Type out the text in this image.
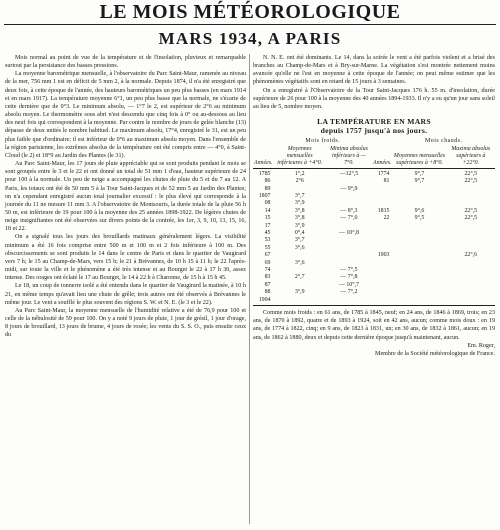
LE MOIS MÉTÉOROLOGIQUE
MARS 1934, A PARIS

Mois normal au point de vue de la température et de l'insolation, pluvieux et remarquable surtout par la persistance des basses pressions.

La moyenne barométrique mensuelle, à l'observatoire du Parc Saint-Maur, ramenée au niveau de la mer, 756 mm 1 est en déficit de 5 mm 2, à la normale. Depuis 1874, il n'a été enregistré que deux fois, à cette époque de l'année, des hauteurs barométriques un peu plus basses (en mars 1914 et en mars 1917). La température moyenne 6°1, un peu plus basse que la normale, ne s'écarte de cette dernière que de 0°3. Le minimum absolu, — 1°7 le 2, est supérieur de 2°6 au minimum absolu moyen. Le thermomètre sous abri n'est descendu que cinq fois à 0° ou au-dessous au lieu des neuf fois qui correspondent à la moyenne. Par contre le nombre de jours de gelée blanche (13) dépasse de deux unités le nombre habituel. Le maximum absolu, 17°4, enregistré le 31, est un peu plus faible que d'ordinaire; il est inférieur de 0°6 au maximum absolu moyen. Dans l'ensemble de la région parisienne, les extrêmes absolus de la température ont été compris entre — 4°0, à Saint-Cloud (le 2) et 18°9 au Jardin des Plantes (le 31).

Au Parc Saint-Maur, les 17 jours de pluie appréciable qui se sont produits pendant le mois se sont groupés entre le 3 et le 22 et ont donné un total de 51 mm 1 d'eau, hauteur supérieure de 24 pour 100 à la normale. Un peu de neige a accompagné les chutes de pluie du 5 et du 7 au 12. A Paris, les totaux ont été de 50 mm 5 à la Tour Saint-Jacques et de 52 mm 5 au Jardin des Plantes; on n'a cependant enregistré aucun total journalier excessif : le plus élevé qui corresponde à la journée du 11 ne mesure 11 mm 3. A l'observatoire de Montsouris, la durée totale de la pluie 56 h 50 m, est inférieure de 19 pour 100 à la moyenne des 25 années 1898-1922. De légères chutes de neige insignifiantes ont été observées sur divers points de la contrée, les 1er, 3, 9, 10, 13, 15, 16, 18 et 22.

On a signalé tous les jours des brouillards matinaux généralement légers. La visibilité minimum a été 16 fois comprise entre 500 m et 100 m et 2 fois inférieure à 100 m. Des obscurcissements se sont produits le 14 dans le centre de Paris et dans le quartier de Vaugirard vers 7 h; le 15 au Champ-de-Mars, vers 15 h; le 21 à Brévannes, de 10 h 15 à 11 h; le 22 l'après-midi, sur toute la ville et le phénomène a été très intense et au Bourget le 22 à 17 h 30, assez intense. Des orages ont éclaté le 17 au Bourget, le 14 à 22 h à Charonne, de 15 h à 15 h 45.

Le 18, un coup de tonnerre isolé a été entendu dans le quartier de Vaugirard la matinée, à 10 h 21, en même temps qu'avait lieu une chute de grêle; trois autres ont été observés à Brévannes le même jour. Le vent a soufflé le plus souvent des régions S. W. et N. E. (le 3 et le 22).

Au Parc Saint-Maur, la moyenne mensuelle de l'humidité relative a été de 76,9 pour 100 et celle de la nébulosité de 59 pour 100. On y a noté 9 jours de pluie, 1 jour de grésil, 1 jour d'orage, 8 jours de brouillard, 13 jours de brume, 4 jours de rosée; les vents du S. S. O., puis ensuite ceux du

N. N. E. ont été dominants. Le 14, dans la soirée le vent a été parfois violent et a brisé des branches au Champ-de-Mars et à Bry-sur-Marne. La végétation s'est montrée nettement moins avancée qu'elle ne l'est en moyenne à cette époque de l'année; on peut même estimer que les phénomènes végétatifs sont en retard de 15 jours à 3 semaines.

On a enregistré à l'Observatoire de la Tour Saint-Jacques 176 h. 55 m. d'insolation, durée supérieure de 26 pour 100 à la moyenne des 40 années 1894-1933. Il n'y a eu qu'un jour sans soleil au lieu de 5, nombre moyen.

LA TEMPÉRATURE EN MARS
depuis 1757 jusqu'à nos jours.
	Mois froids.			Mois chauds.	
Années.	Moyennes mensuelles inférieures à +4°0.	Minima absolus inférieurs à — 7°0.	Années.	Moyennes mensuelles supérieures à +8°0.	Maxima absolus supérieurs à +22°0.
1785	1°,2	—12°,5	1774	9°,7	22°,5
86	2°6		81	9°,7	22°,5
89		— 9°,9			
1807	3°,7				
08	3°,9				
14	3°,8	— 8°,3	1815	9°,6	22°,5
15	3°,8	— 7°,0	22	9°,5	22°,5
17	3°,9				
45	0°,4	— 10°,8			
53	3°,7				
55	3°,6				
67			1903		22°,6
69	3°,6				
74		— 7°,5			
83	2°,7	— 7°,8			
87		— 10°,7			
88	3°,9	— 7°,2			
1904					

Comme mois froids : en 61 ans, de 1785 à 1845, neuf; en 24 ans, de 1846 à 1869, trois; en 23 ans, de 1870 à 1892, quatre et de 1893 à 1924, soit en 42 ans, aucun; comme mois doux : en 19 ans, de 1774 à 1822, cinq; en 9 ans, de 1823 à 1831, un; en 30 ans, de 1832 à 1861, aucun; en 19 ans, de 1862 à 1880, deux et depuis cette dernière époque jusqu'à maintenant, aucun.

Em. Roger,

Membre de la Société météorologique de France.
